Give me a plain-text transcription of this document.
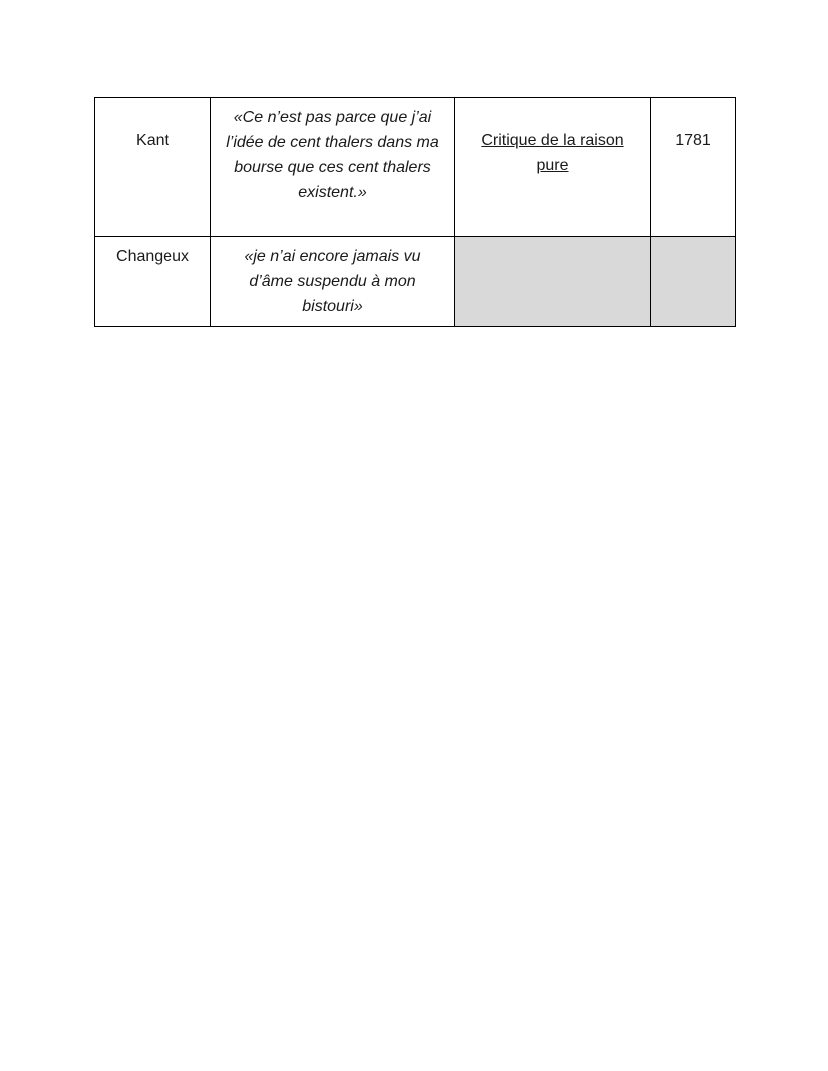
Kant	«Ce n’est pas parce que j’ai l’idée de cent thalers dans ma bourse que ces cent thalers existent.»	Critique de la raison pure	1781
Changeux	«je n’ai encore jamais vu d’âme suspendu à mon bistouri»		
